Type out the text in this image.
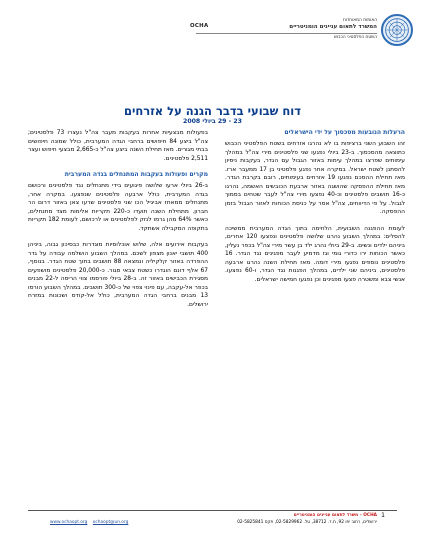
האומות המאוחדות
המשרד לתאום עניינים הומניטריים
OCHA
השטח הפלסטיני הכבוש
דוח שבועי בדבר הגנה על אזרחים
23 - 29 ביולי 2008
הרעלות הנובעות מסכסוך על ידי הישראלים

זהו השבוע השני ברציפות בו לא נהרגו אזרחים בשטח הפלסטיני הכבוש כתוצאה מהסכסוך. ב-23 ביולי נפגעו שני פלסטינים מירי צה"ל במהלך עימותים שפרצו במהלך עימות באזור הגבול עם הגדר, בעקבות ניסיון להסתנן לשטח ישראל. במקרה אחר נפגע פלסטיני בן 17 ממעבר ארז. מאז תחילת ההסכם נפגעו 19 אזרחים בעימותים, רובם בקרבת הגדר. מאז תחילת ההפסקה שהושגה באזור ארבעת הכובשים האשמה, נהרגו כ-16 תושבים פלסטינים וכ-40 נפצעו מירי צה"ל לעבר שטחים בסמוך לגבול. על פי הדיווחים, צה"ל אסר על כניסת הכוחות לאזור הגבול בזמן ההפסקה.

לעומת ההפגנה השבועית, הלחימה בתוך הגדה המערבית ממשיכה להסלים: במהלך השבוע נהרגו שלושה פלסטינים ונפצעו 120 אחרים, ביניהם ילדים ונשים. ב-29 ביולי נהרג ילד בן עשר מירי צה"ל בכפר נעלין, כאשר הכוחות ירו כדורי גומי וגז מדמיע לעבר מפגינים נגד הגדר. 16 פלסטינים נוספים נפגעו מירי דומה. מאז תחילת השנה נהרגו ארבעה פלסטינים, ביניהם שני ילדים, במהלך הפגנות נגד הגדר, ו-60 נפצעו. אנשי צבא ומשטרה פצעו מפגינים וכן נפגעו חמישה ישראלים.

בפעולות מבצעיות אחרות בעקבות מעבר צה"ל נעצרו 73 פלסטינים; צה"ל ביצע 84 חיפושים ברחבי הגדה המערבית, כולל שמונה חיפושים בבתי מגורים. מאז תחילת השנה ביצע צה"ל כ-2,665 מבצעי חיפוש ועצר 2,511 פלסטינים.

מקרים ופעולות בעקבות המתנחלים בגדה המערבית

ב-26 ביולי ארעו שלושה פיגועים בידי מתנחלים נגד פלסטינים ורכושם בגדה המערבית, כולל ארבעה פלסטינים שנפצעו. במקרה אחר, מתנחלים ממאחז אביגיל הכו שני פלסטינים שרעו צאן באזור דרום הר חברון. מתחילת השנה תועדו כ-220 תקריות אלימות מצד מתנחלים, כאשר 64% מהן גרמו לנזק לפלסטינים או לרכושם, לעומת 182 תקריות בתקופה המקבילה אשתקד.

בעקבות אירועים אלה, שלוש אוכלוסיות מוגדרות כבסיכון גבוה, ביניהן 400 תושבי יאנון מצפון לשכם. במהלך השבוע הושלמה עבודה על גדר ההפרדה באזור קלקיליה ונמצאה 88 תושבים בתוך שטח הגדר. בנוסף, 67 אלף דונם הוגדרו כשטח צבאי סגור. כ-20,000 פלסטינים מושפעים מסגירת הכבישים באזור זה. ב-28 ביולי פורסמו צווי הריסה ל-22 מבנים בכפר אל-עקבה, עם פינוי צפוי של כ-300 תושבים. במהלך השבוע הורסו 13 מבנים ברחבי הגדה המערבית, כולל אל-קודס ושכונות במזרח ירושלים.

1
OCHA – משרד לתאום עניינים הומניטריים
ירושלים, רחוב יפו 92, ת.ד. 38712, טל. 02-5829962, פקס 02-5825841
www.ochaopt.org ochaopt@un.org
